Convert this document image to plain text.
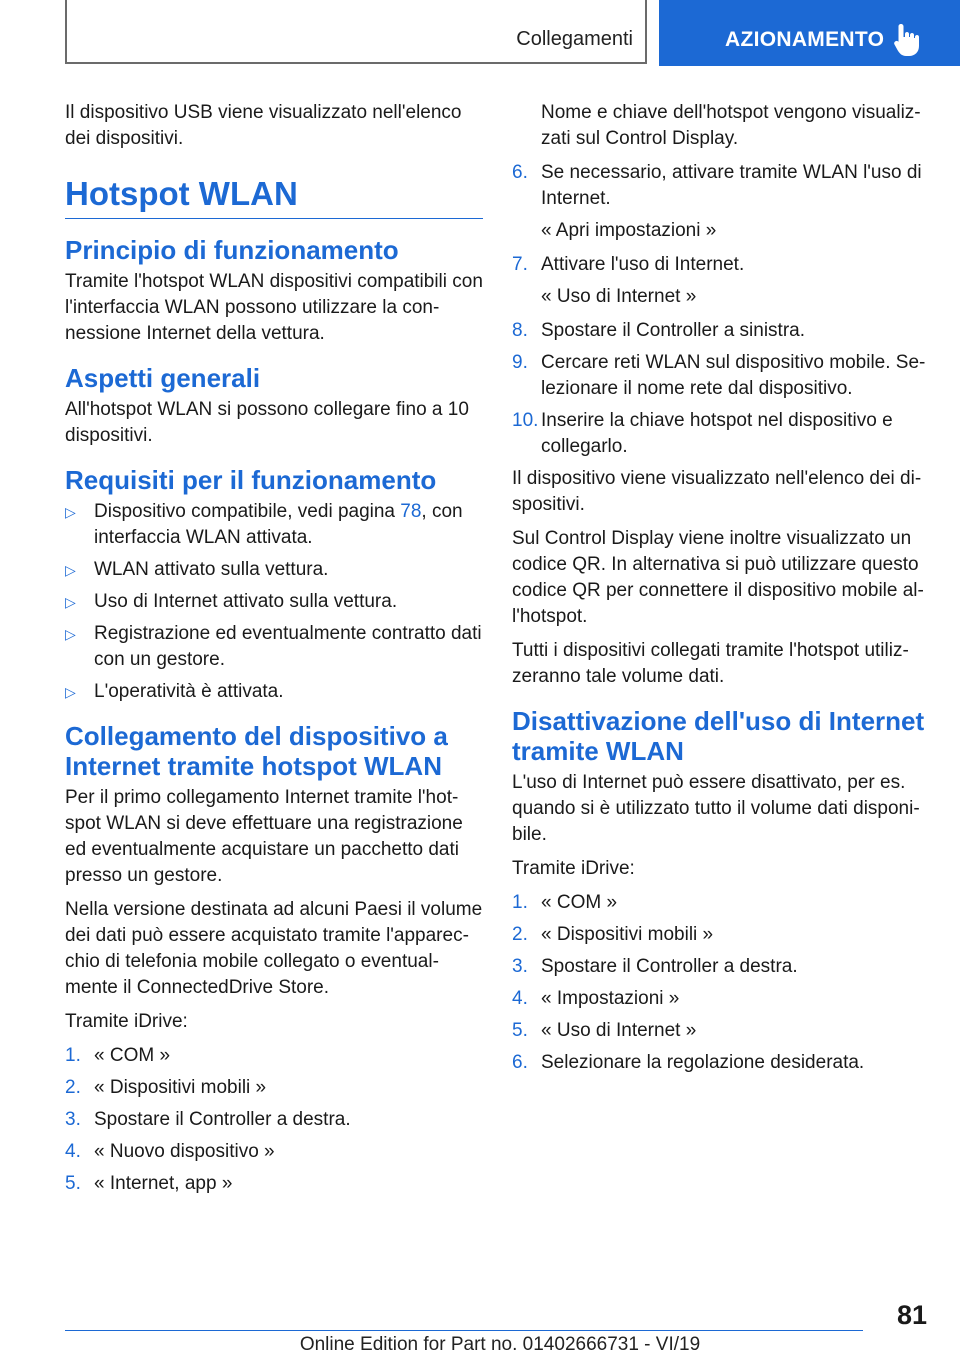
Collegamenti	AZIONAMENTO

Il dispositivo USB viene visualizzato nell'elenco dei dispositivi.

Hotspot WLAN
Principio di funzionamento

Tramite l'hotspot WLAN dispositivi compatibili con l'interfaccia WLAN possono utilizzare la connessione Internet della vettura.

Aspetti generali

All'hotspot WLAN si possono collegare fino a 10 dispositivi.

Requisiti per il funzionamento
▷ Dispositivo compatibile, vedi pagina 78, con interfaccia WLAN attivata.
▷ WLAN attivato sulla vettura.
▷ Uso di Internet attivato sulla vettura.
▷ Registrazione ed eventualmente contratto dati con un gestore.
▷ L'operatività è attivata.
Collegamento del dispositivo a Internet tramite hotspot WLAN

Per il primo collegamento Internet tramite l'hotspot WLAN si deve effettuare una registrazione ed eventualmente acquistare un pacchetto dati presso un gestore.

Nella versione destinata ad alcuni Paesi il volume dei dati può essere acquistato tramite l'apparecchio di telefonia mobile collegato o eventualmente il ConnectedDrive Store.

Tramite iDrive:

1. « COM »
2. « Dispositivi mobili »
3. Spostare il Controller a destra.
4. « Nuovo dispositivo »
5. « Internet, app »

Nome e chiave dell'hotspot vengono visualizzati sul Control Display.

6. Se necessario, attivare tramite WLAN l'uso di Internet.

« Apri impostazioni »

7. Attivare l'uso di Internet.

« Uso di Internet »

8. Spostare il Controller a sinistra.
9. Cercare reti WLAN sul dispositivo mobile. Selezionare il nome rete dal dispositivo.
10. Inserire la chiave hotspot nel dispositivo e collegarlo.

Il dispositivo viene visualizzato nell'elenco dei dispositivi.

Sul Control Display viene inoltre visualizzato un codice QR. In alternativa si può utilizzare questo codice QR per connettere il dispositivo mobile all'hotspot.

Tutti i dispositivi collegati tramite l'hotspot utilizzeranno tale volume dati.

Disattivazione dell'uso di Internet tramite WLAN

L'uso di Internet può essere disattivato, per es. quando si è utilizzato tutto il volume dati disponibile.

Tramite iDrive:

1. « COM »
2. « Dispositivi mobili »
3. Spostare il Controller a destra.
4. « Impostazioni »
5. « Uso di Internet »
6. Selezionare la regolazione desiderata.
81
Online Edition for Part no. 01402666731 - VI/19
